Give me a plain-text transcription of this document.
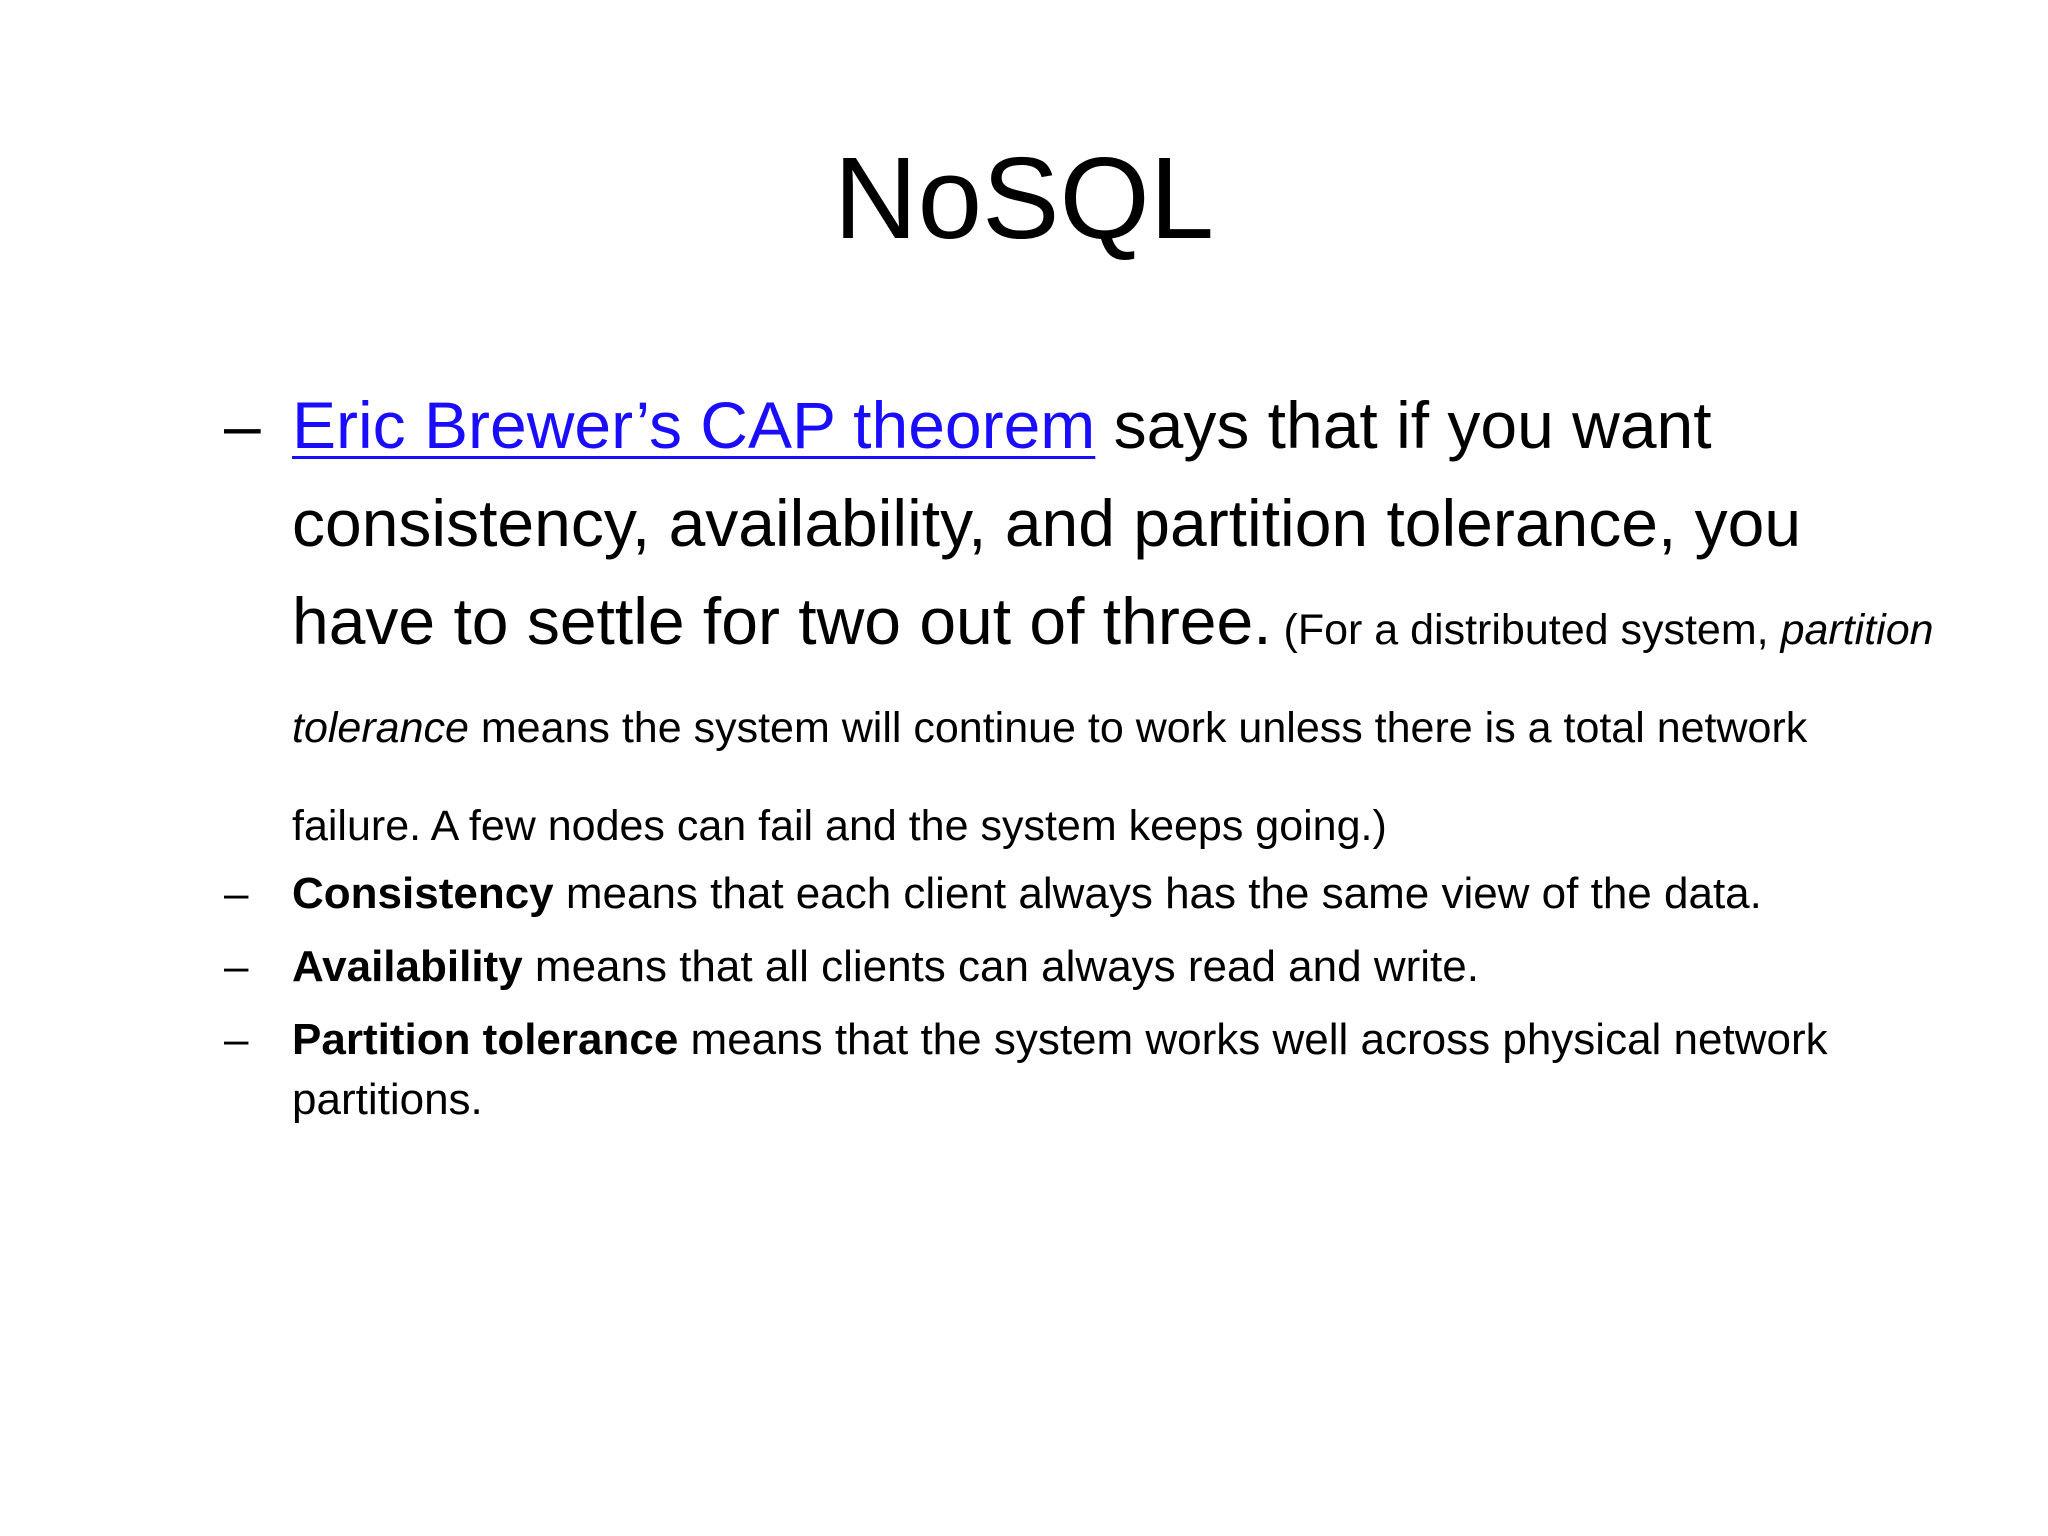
NoSQL
– Eric Brewer’s CAP theorem says that if you want consistency, availability, and partition tolerance, you have to settle for two out of three. (For a distributed system, partition tolerance means the system will continue to work unless there is a total network failure. A few nodes can fail and the system keeps going.)
– Consistency means that each client always has the same view of the data.
– Availability means that all clients can always read and write.
– Partition tolerance means that the system works well across physical network partitions.
